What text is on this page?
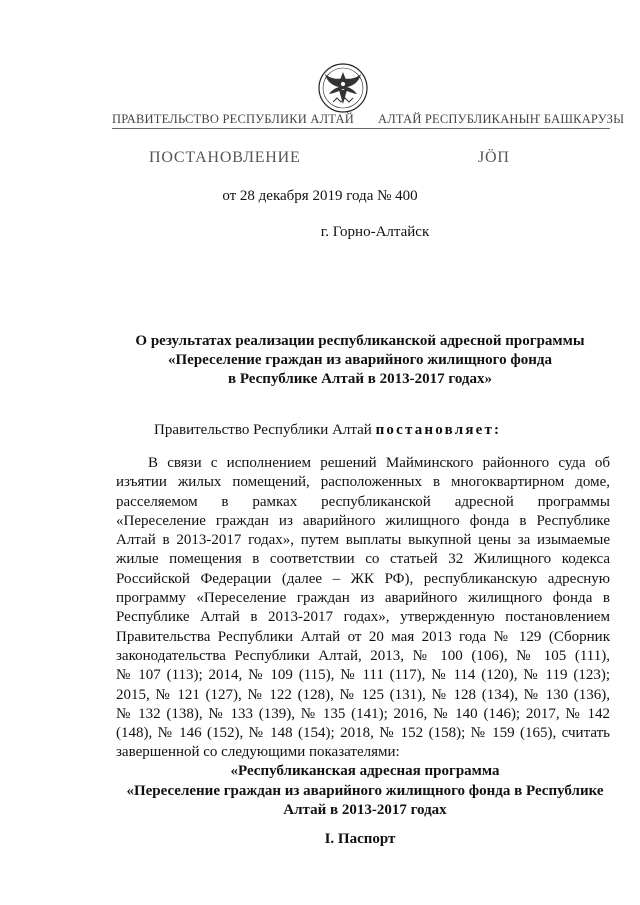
ПРАВИТЕЛЬСТВО РЕСПУБЛИКИ АЛТАЙ АЛТАЙ РЕСПУБЛИКАНЫҤ БАШКАРУЗЫ
ПОСТАНОВЛЕНИЕ	ЈӦП
от 28 декабря 2019 года № 400
г. Горно-Алтайск
О результатах реализации республиканской адресной программы
«Переселение граждан из аварийного жилищного фонда
в Республике Алтай в 2013-2017 годах»
Правительство Республики Алтай постановляет:
В связи с исполнением решений Майминского районного суда об
изъятии жилых помещений, расположенных в многоквартирном доме,
расселяемом в рамках республиканской адресной программы
«Переселение граждан из аварийного жилищного фонда в Республике
Алтай в 2013-2017 годах», путем выплаты выкупной цены за изымаемые
жилые помещения в соответствии со статьей 32 Жилищного кодекса
Российской Федерации (далее – ЖК РФ), республиканскую адресную
программу «Переселение граждан из аварийного жилищного фонда в
Республике Алтай в 2013-2017 годах», утвержденную постановлением
Правительства Республики Алтай от 20 мая 2013 года № 129 (Сборник
законодательства Республики Алтай, 2013, № 100 (106), № 105 (111),
№ 107 (113); 2014, № 109 (115), № 111 (117), № 114 (120), № 119 (123);
2015, № 121 (127), № 122 (128), № 125 (131), № 128 (134), № 130 (136),
№ 132 (138), № 133 (139), № 135 (141); 2016, № 140 (146); 2017, № 142
(148), № 146 (152), № 148 (154); 2018, № 152 (158); № 159 (165), считать
завершенной со следующими показателями:
«Республиканская адресная программа
«Переселение граждан из аварийного жилищного фонда в Республике
Алтай в 2013-2017 годах
I. Паспорт
